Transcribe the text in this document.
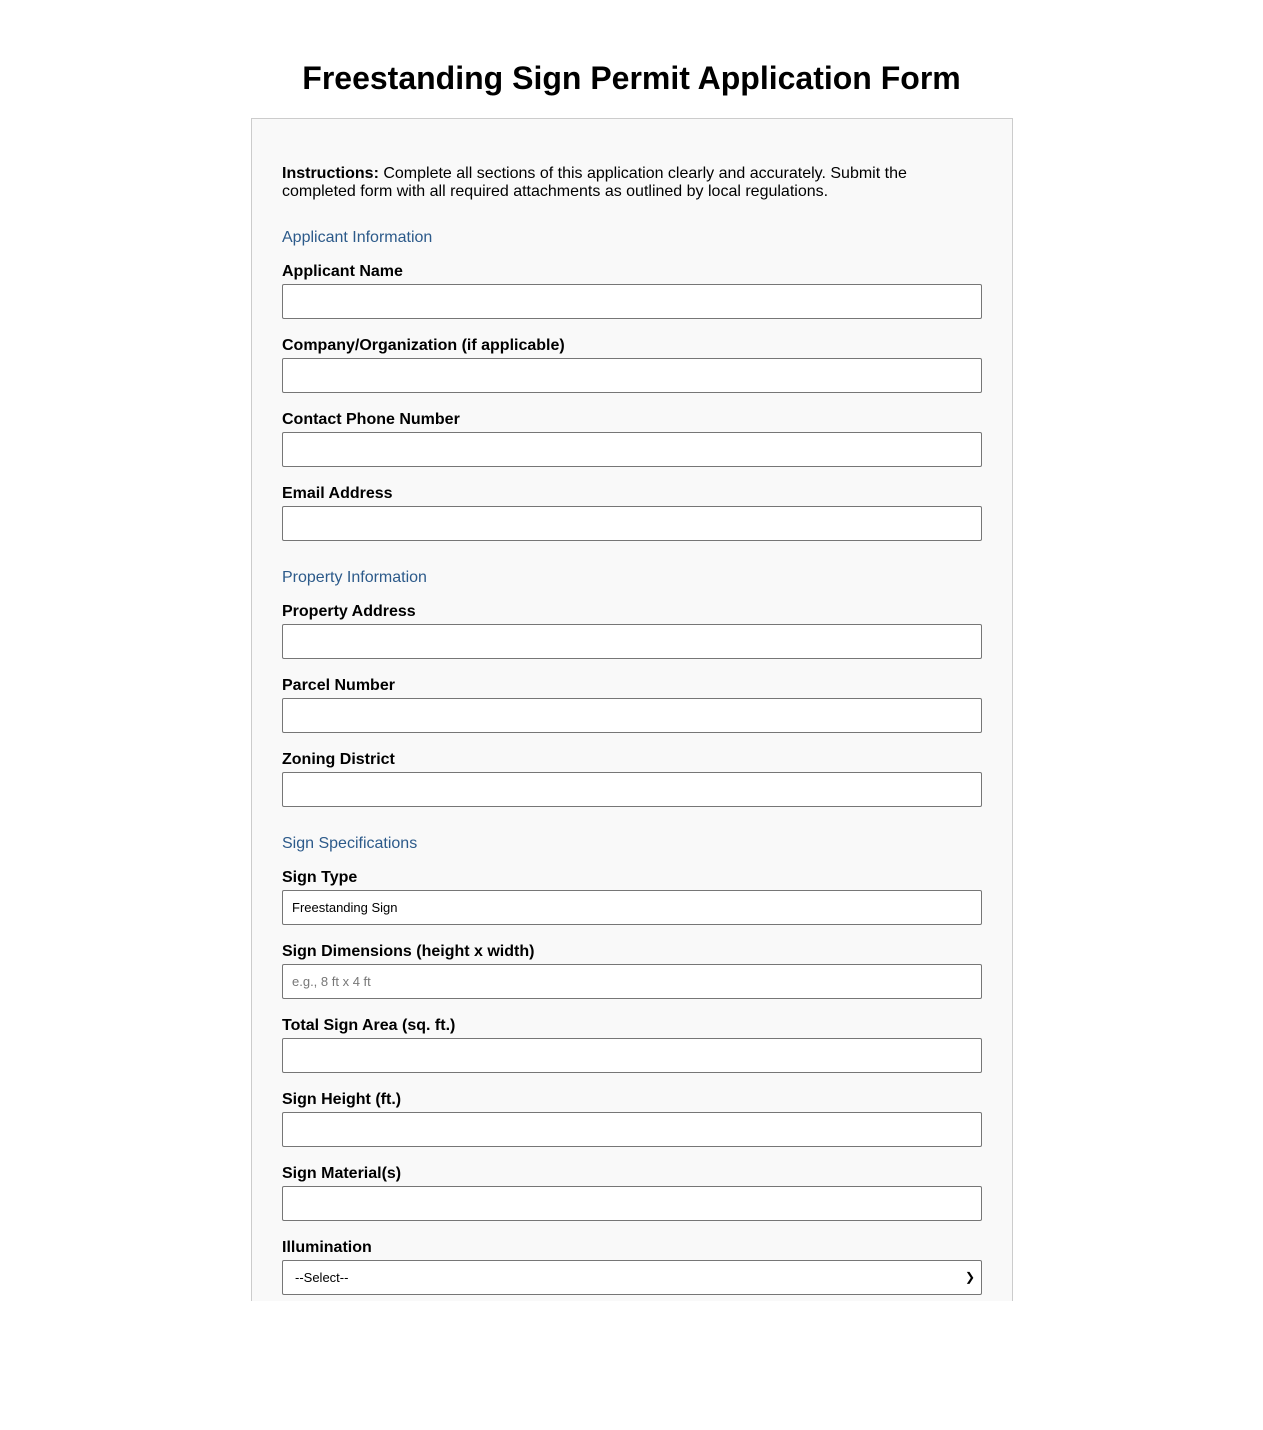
Freestanding Sign Permit Application Form
Instructions: Complete all sections of this application clearly and accurately. Submit the completed form with all required attachments as outlined by local regulations.
Applicant Information
Applicant Name
Company/Organization (if applicable)
Contact Phone Number
Email Address
Property Information
Property Address
Parcel Number
Zoning District
Sign Specifications
Sign Type
Freestanding Sign
Sign Dimensions (height x width)
e.g., 8 ft x 4 ft
Total Sign Area (sq. ft.)
Sign Height (ft.)
Sign Material(s)
Illumination
--Select--	❯
